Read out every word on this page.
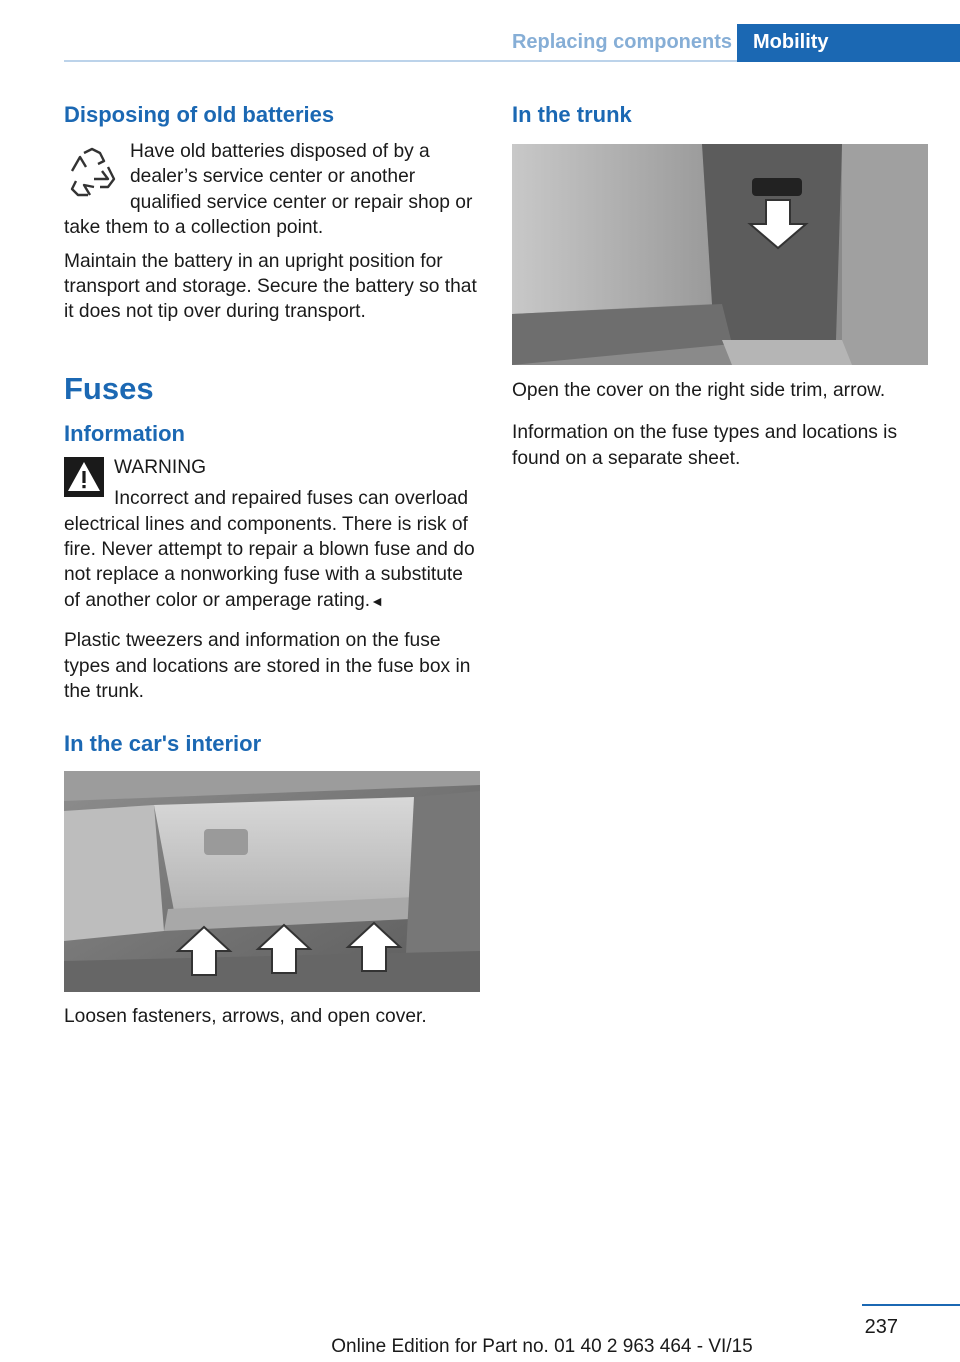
Replacing components	Mobility
Disposing of old batteries

Have old batteries disposed of by a dealer’s service center or another qualified service center or repair shop or take them to a collection point.

Maintain the battery in an upright position for transport and storage. Secure the battery so that it does not tip over during transport.

Fuses
Information

WARNING

Incorrect and repaired fuses can overload electrical lines and components. There is risk of fire. Never attempt to repair a blown fuse and do not replace a nonworking fuse with a substitute of another color or amperage rating.◄

Plastic tweezers and information on the fuse types and locations are stored in the fuse box in the trunk.

In the car's interior

Loosen fasteners, arrows, and open cover.

In the trunk

Open the cover on the right side trim, arrow.

Information on the fuse types and locations is found on a separate sheet.

237
Online Edition for Part no. 01 40 2 963 464 - VI/15
